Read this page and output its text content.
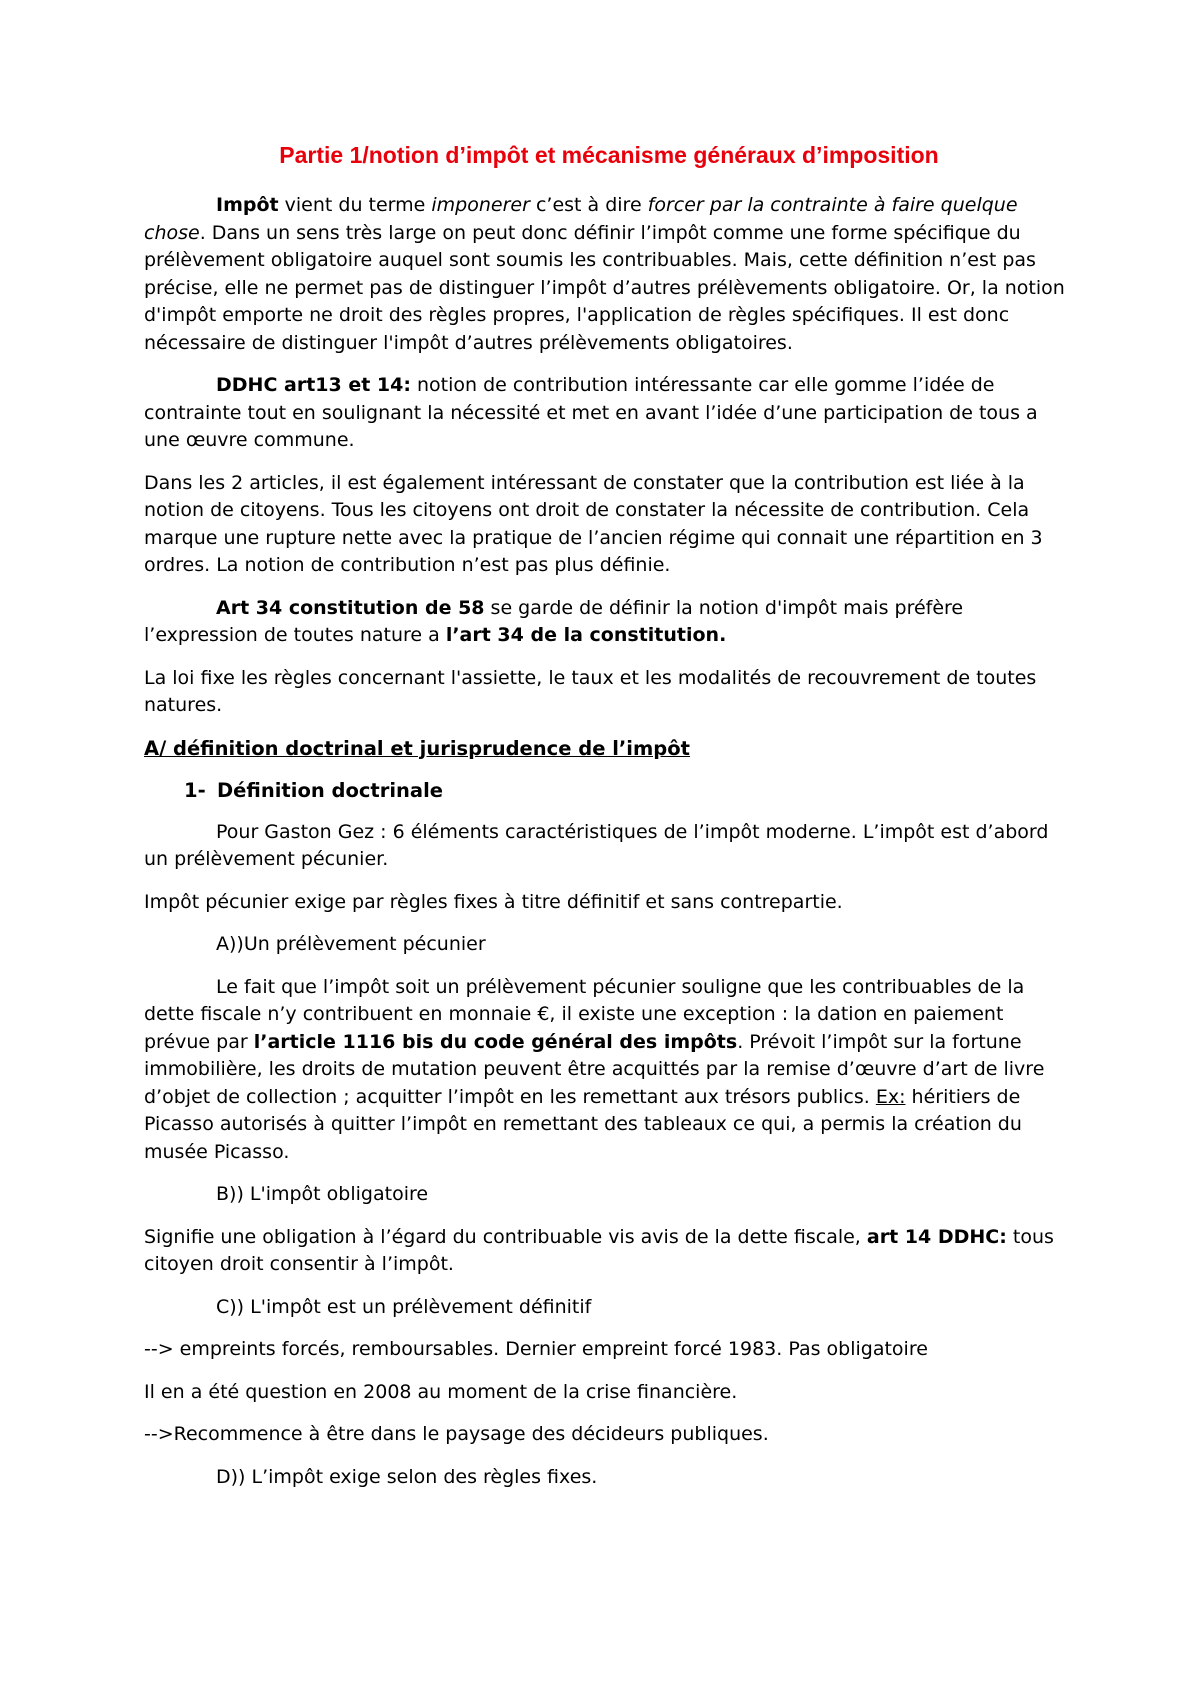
Partie 1/notion d’impôt et mécanisme généraux d’imposition

Impôt vient du terme imponerer c’est à dire forcer par la contrainte à faire quelque chose. Dans un sens très large on peut donc définir l’impôt comme une forme spécifique du prélèvement obligatoire auquel sont soumis les contribuables. Mais, cette définition n’est pas précise, elle ne permet pas de distinguer l’impôt d’autres prélèvements obligatoire. Or, la notion d'impôt emporte ne droit des règles propres, l'application de règles spécifiques. Il est donc nécessaire de distinguer l'impôt d’autres prélèvements obligatoires.

DDHC art13 et 14: notion de contribution intéressante car elle gomme l’idée de contrainte tout en soulignant la nécessité et met en avant l’idée d’une participation de tous a une œuvre commune.

Dans les 2 articles, il est également intéressant de constater que la contribution est liée à la notion de citoyens. Tous les citoyens ont droit de constater la nécessite de contribution. Cela marque une rupture nette avec la pratique de l’ancien régime qui connait une répartition en 3 ordres. La notion de contribution n’est pas plus définie.

Art 34 constitution de 58 se garde de définir la notion d'impôt mais préfère l’expression de toutes nature a l’art 34 de la constitution.

La loi fixe les règles concernant l'assiette, le taux et les modalités de recouvrement de toutes natures.

A/ définition doctrinal et jurisprudence de l’impôt
1- Définition doctrinale

Pour Gaston Gez : 6 éléments caractéristiques de l’impôt moderne. L’impôt est d’abord un prélèvement pécunier.

Impôt pécunier exige par règles fixes à titre définitif et sans contrepartie.

A))Un prélèvement pécunier

Le fait que l’impôt soit un prélèvement pécunier souligne que les contribuables de la dette fiscale n’y contribuent en monnaie €, il existe une exception : la dation en paiement prévue par l’article 1116 bis du code général des impôts. Prévoit l’impôt sur la fortune immobilière, les droits de mutation peuvent être acquittés par la remise d’œuvre d’art de livre d’objet de collection ; acquitter l’impôt en les remettant aux trésors publics. Ex: héritiers de Picasso autorisés à quitter l’impôt en remettant des tableaux ce qui, a permis la création du musée Picasso.

B)) L'impôt obligatoire

Signifie une obligation à l’égard du contribuable vis avis de la dette fiscale, art 14 DDHC: tous citoyen droit consentir à l’impôt.

C)) L'impôt est un prélèvement définitif

--> empreints forcés, remboursables. Dernier empreint forcé 1983. Pas obligatoire

Il en a été question en 2008 au moment de la crise financière.

-->Recommence à être dans le paysage des décideurs publiques.

D)) L’impôt exige selon des règles fixes.
